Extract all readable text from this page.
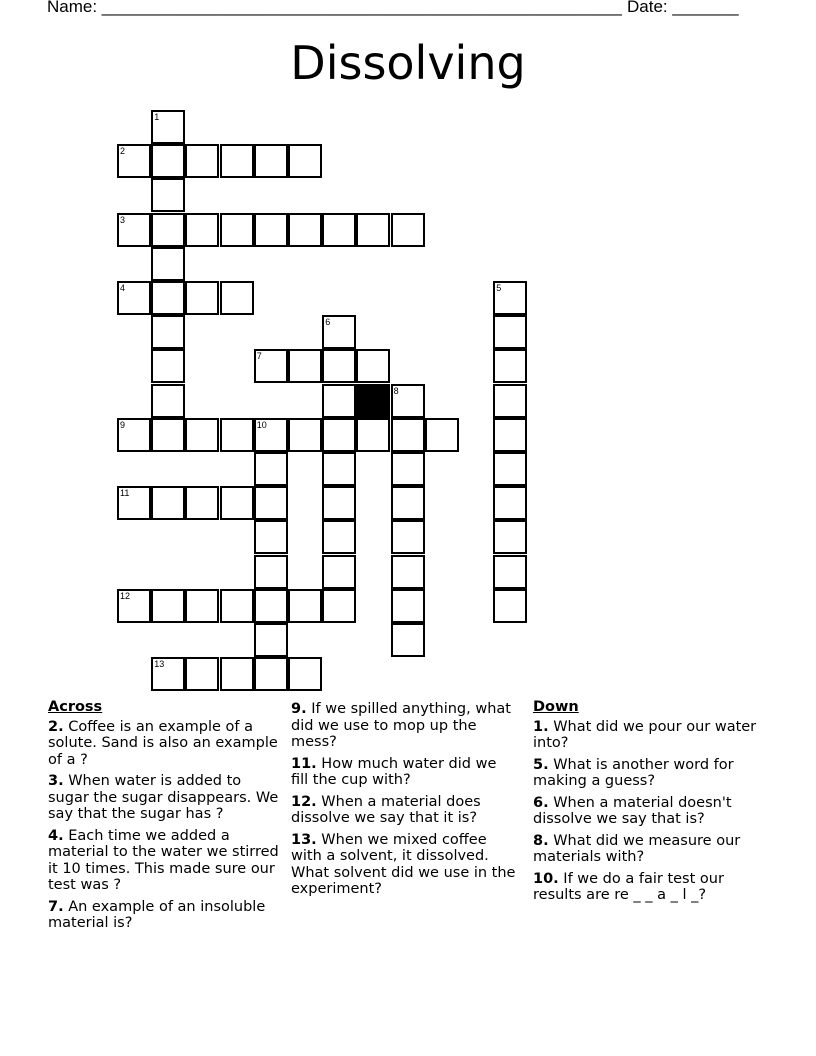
Name: _______________________________________________________ Date: _______
Dissolving
1
2
3
4	5
6
7
8
9	10
11
12
13
Across
2. Coffee is an example of a solute. Sand is also an example of a ?
3. When water is added to sugar the sugar disappears. We say that the sugar has ?
4. Each time we added a material to the water we stirred it 10 times. This made sure our test was ?
7. An example of an insoluble material is?
9. If we spilled anything, what did we use to mop up the mess?
11. How much water did we fill the cup with?
12. When a material does dissolve we say that it is?
13. When we mixed coffee with a solvent, it dissolved. What solvent did we use in the experiment?
Down
1. What did we pour our water into?
5. What is another word for making a guess?
6. When a material doesn't dissolve we say that is?
8. What did we measure our materials with?
10. If we do a fair test our results are re _ _ a _ l _?
